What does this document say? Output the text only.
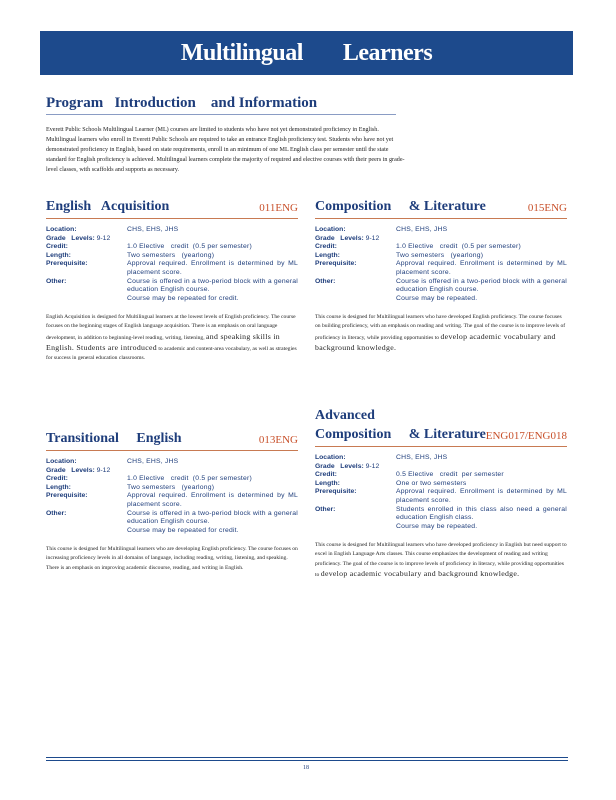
Multilingual Learners
Program   Introduction    and Information
Everett Public Schools Multilingual Learner (ML) courses are limited to students who have not yet demonstrated proficiency in English. Multilingual learners who enroll in Everett Public Schools are required to take an entrance English proficiency test. Students who have not yet demonstrated proficiency in English, based on state requirements, enroll in an minimum of one ML English class per semester until the state standard for English proficiency is achieved. Multilingual learners complete the majority of required and elective courses with their peers in grade-level classes, with scaffolds and supports as necessary.
English   Acquisition	011ENG
Location:	CHS, EHS, JHS
Grade   Levels:
9-12
Credit:	1.0 Elective   credit  (0.5 per semester)
Length:	Two semesters   (yearlong)
Prerequisite:	Approval required. Enrollment is determined by ML placement score.
Other:	Course is offered in a two-period block with a general education English course.
Course may be repeated for credit.
English Acquisition is designed for Multilingual learners at the lowest levels of English proficiency. The course focuses on the beginning stages of English language acquisition. There is an emphasis on oral language development, in addition to beginning-level reading, writing, listening, and speaking skills in English. Students are introduced to academic and content-area vocabulary, as well as strategies for success in general education classrooms.
Composition     & Literature	015ENG
Location:	CHS, EHS, JHS
Grade   Levels:
9-12
Credit:	1.0 Elective   credit  (0.5 per semester)
Length:	Two semesters   (yearlong)
Prerequisite:	Approval required. Enrollment is determined by ML placement score.
Other:	Course is offered in a two-period block with a general education English course.
Course may be repeated.
This course is designed for Multilingual learners who have developed English proficiency. The course focuses on building proficiency, with an emphasis on reading and writing. The goal of the course is to improve levels of proficiency in literacy, while providing opportunities to develop academic vocabulary and background knowledge.
Transitional     English	013ENG
Location:	CHS, EHS, JHS
Grade   Levels:
9-12
Credit:	1.0 Elective   credit  (0.5 per semester)
Length:	Two semesters   (yearlong)
Prerequisite:	Approval required. Enrollment is determined by ML placement score.
Other:	Course is offered in a two-period block with a general education English course.
Course may be repeated for credit.
This course is designed for Multilingual learners who are developing English proficiency. The course focuses on increasing proficiency levels in all domains of language, including reading, writing, listening, and speaking. There is an emphasis on improving academic discourse, reading, and writing in English.
Advanced
Composition     & Literature ENG017/ENG018
Location:	CHS, EHS, JHS
Grade   Levels:
9-12
Credit:	0.5 Elective   credit  per semester
Length:	One or two semesters
Prerequisite:	Approval required. Enrollment is determined by ML placement score.
Other:	Students enrolled in this class also need a general education English class.
Course may be repeated.
This course is designed for Multilingual learners who have developed proficiency in English but need support to excel in English Language Arts classes. This course emphasizes the development of reading and writing proficiency. The goal of the course is to improve levels of proficiency in literacy, while providing opportunities to develop academic vocabulary and background knowledge.
18
